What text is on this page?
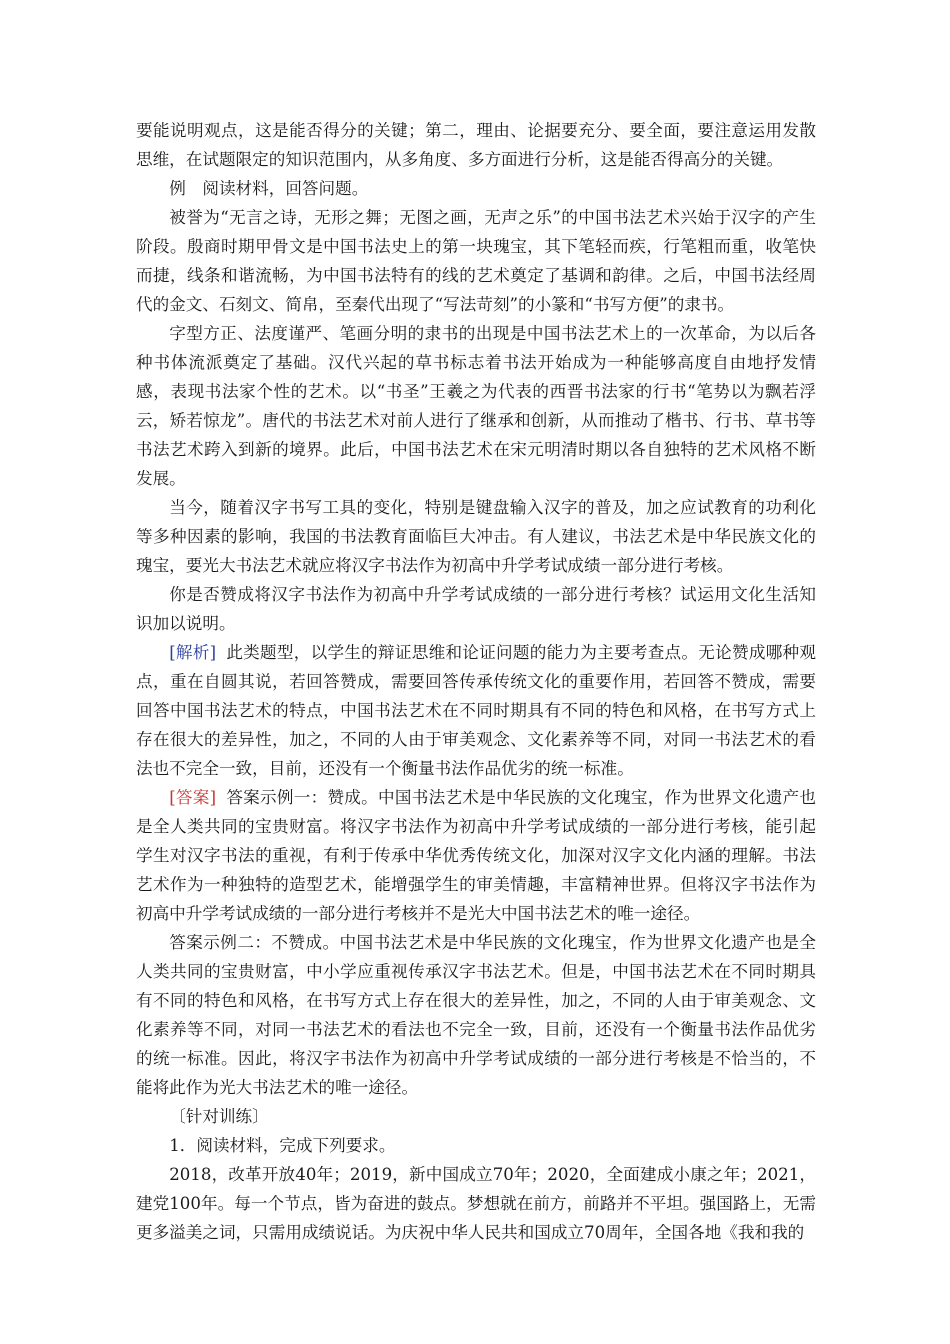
要能说明观点，这是能否得分的关键；第二，理由、论据要充分、要全面，要注意运用发散思维，在试题限定的知识范围内，从多角度、多方面进行分析，这是能否得高分的关键。

例　阅读材料，回答问题。

被誉为“无言之诗，无形之舞；无图之画，无声之乐”的中国书法艺术兴始于汉字的产生阶段。殷商时期甲骨文是中国书法史上的第一块瑰宝，其下笔轻而疾，行笔粗而重，收笔快而捷，线条和谐流畅，为中国书法特有的线的艺术奠定了基调和韵律。之后，中国书法经周代的金文、石刻文、简帛，至秦代出现了“写法苛刻”的小篆和“书写方便”的隶书。

字型方正、法度谨严、笔画分明的隶书的出现是中国书法艺术上的一次革命，为以后各种书体流派奠定了基础。汉代兴起的草书标志着书法开始成为一种能够高度自由地抒发情感，表现书法家个性的艺术。以“书圣”王羲之为代表的西晋书法家的行书“笔势以为飘若浮云，矫若惊龙”。唐代的书法艺术对前人进行了继承和创新，从而推动了楷书、行书、草书等书法艺术跨入到新的境界。此后，中国书法艺术在宋元明清时期以各自独特的艺术风格不断发展。

当今，随着汉字书写工具的变化，特别是键盘输入汉字的普及，加之应试教育的功利化等多种因素的影响，我国的书法教育面临巨大冲击。有人建议，书法艺术是中华民族文化的瑰宝，要光大书法艺术就应将汉字书法作为初高中升学考试成绩一部分进行考核。

你是否赞成将汉字书法作为初高中升学考试成绩的一部分进行考核？试运用文化生活知识加以说明。

[解析] 此类题型，以学生的辩证思维和论证问题的能力为主要考查点。无论赞成哪种观点，重在自圆其说，若回答赞成，需要回答传承传统文化的重要作用，若回答不赞成，需要回答中国书法艺术的特点，中国书法艺术在不同时期具有不同的特色和风格，在书写方式上存在很大的差异性，加之，不同的人由于审美观念、文化素养等不同，对同一书法艺术的看法也不完全一致，目前，还没有一个衡量书法作品优劣的统一标准。

[答案] 答案示例一：赞成。中国书法艺术是中华民族的文化瑰宝，作为世界文化遗产也是全人类共同的宝贵财富。将汉字书法作为初高中升学考试成绩的一部分进行考核，能引起学生对汉字书法的重视，有利于传承中华优秀传统文化，加深对汉字文化内涵的理解。书法艺术作为一种独特的造型艺术，能增强学生的审美情趣，丰富精神世界。但将汉字书法作为初高中升学考试成绩的一部分进行考核并不是光大中国书法艺术的唯一途径。

答案示例二：不赞成。中国书法艺术是中华民族的文化瑰宝，作为世界文化遗产也是全人类共同的宝贵财富，中小学应重视传承汉字书法艺术。但是，中国书法艺术在不同时期具有不同的特色和风格，在书写方式上存在很大的差异性，加之，不同的人由于审美观念、文化素养等不同，对同一书法艺术的看法也不完全一致，目前，还没有一个衡量书法作品优劣的统一标准。因此，将汉字书法作为初高中升学考试成绩的一部分进行考核是不恰当的，不能将此作为光大书法艺术的唯一途径。

〔针对训练〕

1．阅读材料，完成下列要求。

2018，改革开放40年；2019，新中国成立70年；2020，全面建成小康之年；2021，建党100年。每一个节点，皆为奋进的鼓点。梦想就在前方，前路并不平坦。强国路上，无需更多溢美之词，只需用成绩说话。为庆祝中华人民共和国成立70周年，全国各地《我和我的
